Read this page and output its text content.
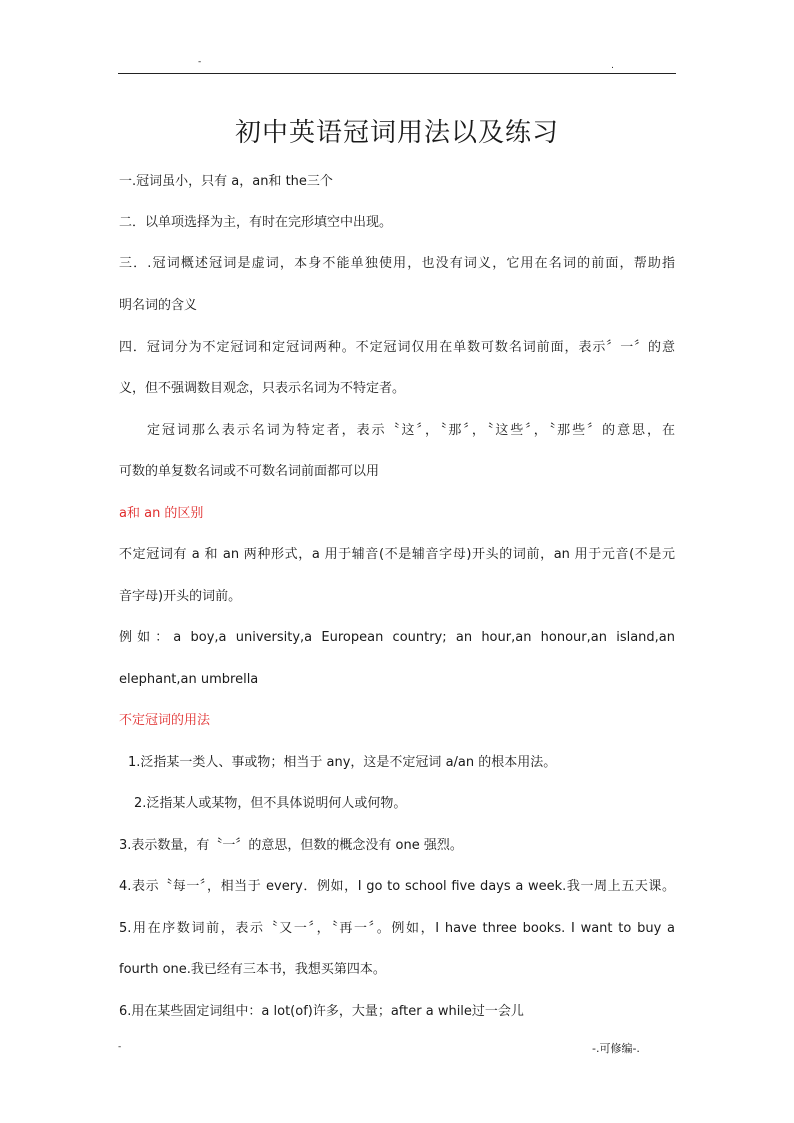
-	.
初中英语冠词用法以及练习
一.冠词虽小，只有 a，an和 the三个
二．以单项选择为主，有时在完形填空中出现。
三．.冠词概述冠词是虚词，本身不能单独使用，也没有词义，它用在名词的前面，帮助指
明名词的含义
四．冠词分为不定冠词和定冠词两种。不定冠词仅用在单数可数名词前面，表示〞一〞的意
义，但不强调数目观念，只表示名词为不特定者。
定冠词那么表示名词为特定者，表示〝这〞，〝那〞，〝这些〞，〝那些〞的意思，在
可数的单复数名词或不可数名词前面都可以用
a和 an 的区别
不定冠词有 a 和 an 两种形式，a 用于辅音(不是辅音字母)开头的词前，an 用于元音(不是元
音字母)开头的词前。
例如：a boy,a university,a European country; an hour,an honour,an island,an
elephant,an umbrella
不定冠词的用法
1.泛指某一类人、事或物；相当于 any，这是不定冠词 a/an 的根本用法。
2.泛指某人或某物，但不具体说明何人或何物。
3.表示数量，有〝一〞的意思，但数的概念没有 one 强烈。
4.表示〝每一〞，相当于 every．例如，I go to school five days a week.我一周上五天课。
5.用在序数词前，表示〝又一〞，〝再一〞。例如，I have three books. I want to buy a
fourth one.我已经有三本书，我想买第四本。
6.用在某些固定词组中：a lot(of)许多，大量；after a while过一会儿
-	-.可修编-.
